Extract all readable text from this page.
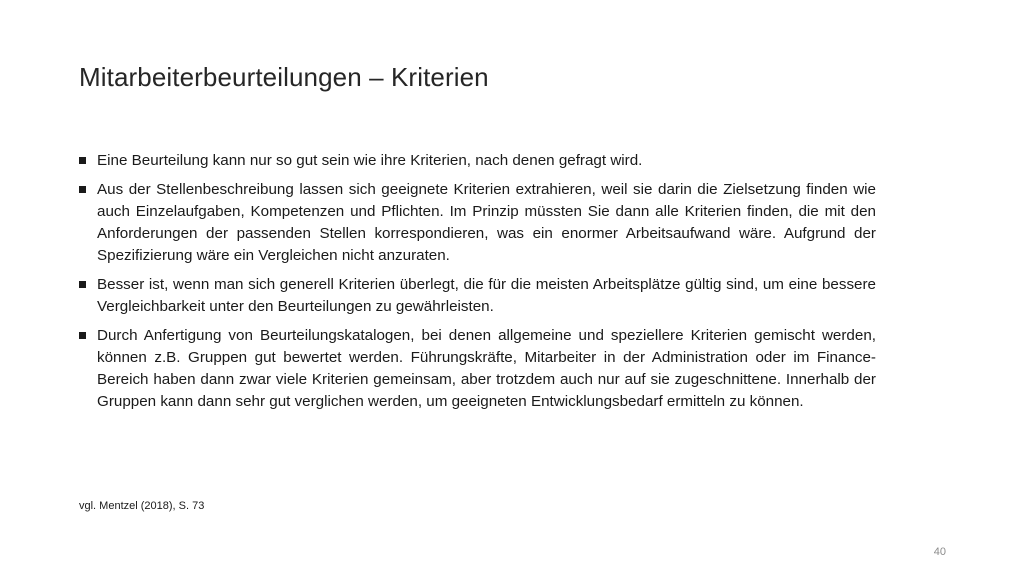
Mitarbeiterbeurteilungen – Kriterien
Eine Beurteilung kann nur so gut sein wie ihre Kriterien, nach denen gefragt wird.
Aus der Stellenbeschreibung lassen sich geeignete Kriterien extrahieren, weil sie darin die Zielsetzung finden wie auch Einzelaufgaben, Kompetenzen und Pflichten. Im Prinzip müssten Sie dann alle Kriterien finden, die mit den Anforderungen der passenden Stellen korrespondieren, was ein enormer Arbeitsaufwand wäre. Aufgrund der Spezifizierung wäre ein Vergleichen nicht anzuraten.
Besser ist, wenn man sich generell Kriterien überlegt, die für die meisten Arbeitsplätze gültig sind, um eine bessere Vergleichbarkeit unter den Beurteilungen zu gewährleisten.
Durch Anfertigung von Beurteilungskatalogen, bei denen allgemeine und speziellere Kriterien gemischt werden, können z.B. Gruppen gut bewertet werden. Führungskräfte, Mitarbeiter in der Administration oder im Finance-Bereich haben dann zwar viele Kriterien gemeinsam, aber trotzdem auch nur auf sie zugeschnittene. Innerhalb der Gruppen kann dann sehr gut verglichen werden, um geeigneten Entwicklungsbedarf ermitteln zu können.
vgl. Mentzel (2018), S. 73
40
